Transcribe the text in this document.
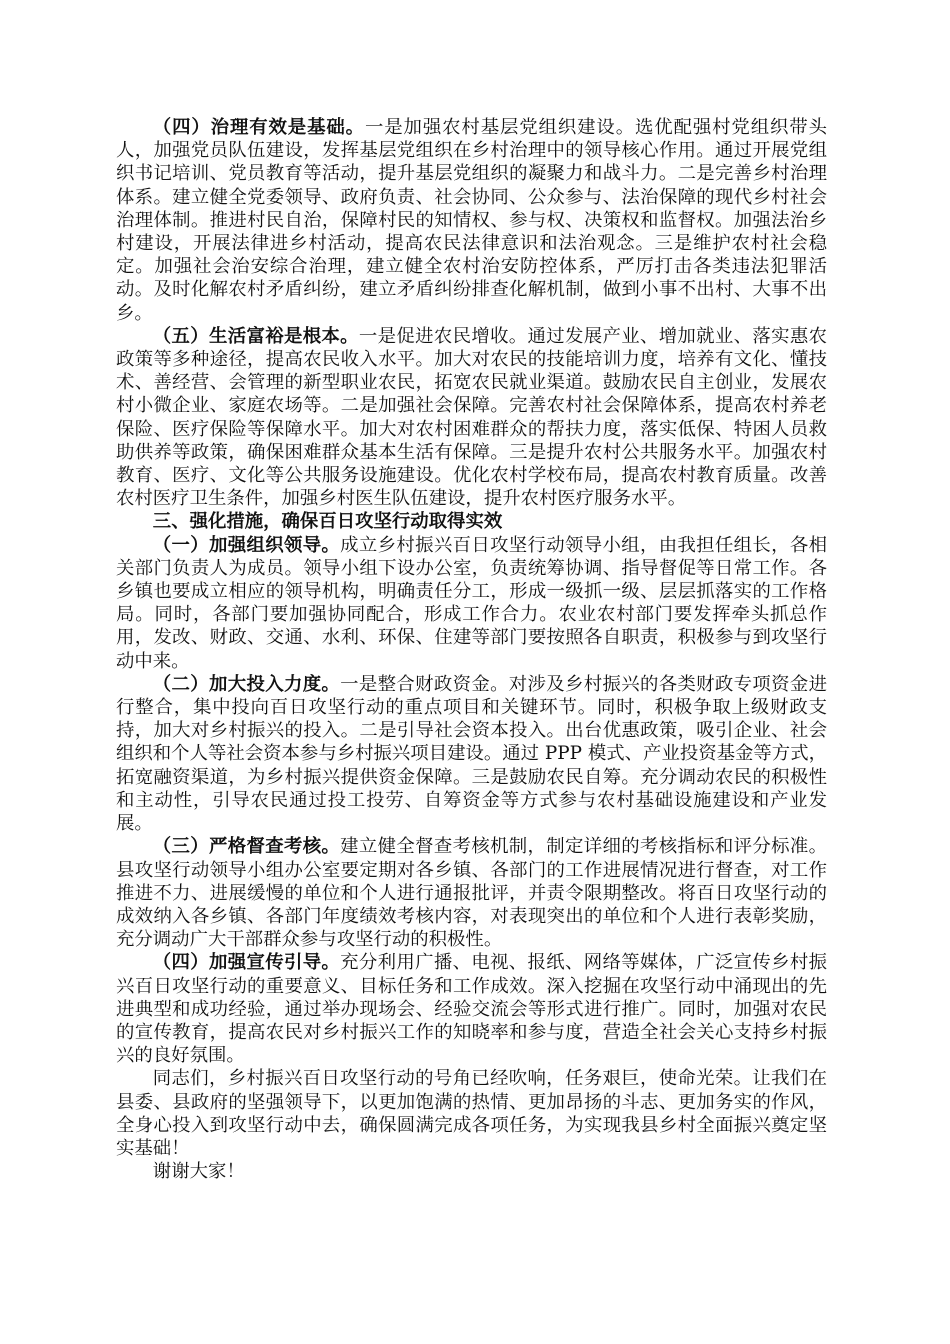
（四）治理有效是基础。一是加强农村基层党组织建设。选优配强村党组织带头人，加强党员队伍建设，发挥基层党组织在乡村治理中的领导核心作用。通过开展党组织书记培训、党员教育等活动，提升基层党组织的凝聚力和战斗力。二是完善乡村治理体系。建立健全党委领导、政府负责、社会协同、公众参与、法治保障的现代乡村社会治理体制。推进村民自治，保障村民的知情权、参与权、决策权和监督权。加强法治乡村建设，开展法律进乡村活动，提高农民法律意识和法治观念。三是维护农村社会稳定。加强社会治安综合治理，建立健全农村治安防控体系，严厉打击各类违法犯罪活动。及时化解农村矛盾纠纷，建立矛盾纠纷排查化解机制，做到小事不出村、大事不出乡。

（五）生活富裕是根本。一是促进农民增收。通过发展产业、增加就业、落实惠农政策等多种途径，提高农民收入水平。加大对农民的技能培训力度，培养有文化、懂技术、善经营、会管理的新型职业农民，拓宽农民就业渠道。鼓励农民自主创业，发展农村小微企业、家庭农场等。二是加强社会保障。完善农村社会保障体系，提高农村养老保险、医疗保险等保障水平。加大对农村困难群众的帮扶力度，落实低保、特困人员救助供养等政策，确保困难群众基本生活有保障。三是提升农村公共服务水平。加强农村教育、医疗、文化等公共服务设施建设。优化农村学校布局，提高农村教育质量。改善农村医疗卫生条件，加强乡村医生队伍建设，提升农村医疗服务水平。

三、强化措施，确保百日攻坚行动取得实效

（一）加强组织领导。成立乡村振兴百日攻坚行动领导小组，由我担任组长，各相关部门负责人为成员。领导小组下设办公室，负责统筹协调、指导督促等日常工作。各乡镇也要成立相应的领导机构，明确责任分工，形成一级抓一级、层层抓落实的工作格局。同时，各部门要加强协同配合，形成工作合力。农业农村部门要发挥牵头抓总作用，发改、财政、交通、水利、环保、住建等部门要按照各自职责，积极参与到攻坚行动中来。

（二）加大投入力度。一是整合财政资金。对涉及乡村振兴的各类财政专项资金进行整合，集中投向百日攻坚行动的重点项目和关键环节。同时，积极争取上级财政支持，加大对乡村振兴的投入。二是引导社会资本投入。出台优惠政策，吸引企业、社会组织和个人等社会资本参与乡村振兴项目建设。通过 PPP 模式、产业投资基金等方式，拓宽融资渠道，为乡村振兴提供资金保障。三是鼓励农民自筹。充分调动农民的积极性和主动性，引导农民通过投工投劳、自筹资金等方式参与农村基础设施建设和产业发展。

（三）严格督查考核。建立健全督查考核机制，制定详细的考核指标和评分标准。县攻坚行动领导小组办公室要定期对各乡镇、各部门的工作进展情况进行督查，对工作推进不力、进展缓慢的单位和个人进行通报批评，并责令限期整改。将百日攻坚行动的成效纳入各乡镇、各部门年度绩效考核内容，对表现突出的单位和个人进行表彰奖励，充分调动广大干部群众参与攻坚行动的积极性。

（四）加强宣传引导。充分利用广播、电视、报纸、网络等媒体，广泛宣传乡村振兴百日攻坚行动的重要意义、目标任务和工作成效。深入挖掘在攻坚行动中涌现出的先进典型和成功经验，通过举办现场会、经验交流会等形式进行推广。同时，加强对农民的宣传教育，提高农民对乡村振兴工作的知晓率和参与度，营造全社会关心支持乡村振兴的良好氛围。

同志们，乡村振兴百日攻坚行动的号角已经吹响，任务艰巨，使命光荣。让我们在县委、县政府的坚强领导下，以更加饱满的热情、更加昂扬的斗志、更加务实的作风，全身心投入到攻坚行动中去，确保圆满完成各项任务，为实现我县乡村全面振兴奠定坚实基础！

谢谢大家！
